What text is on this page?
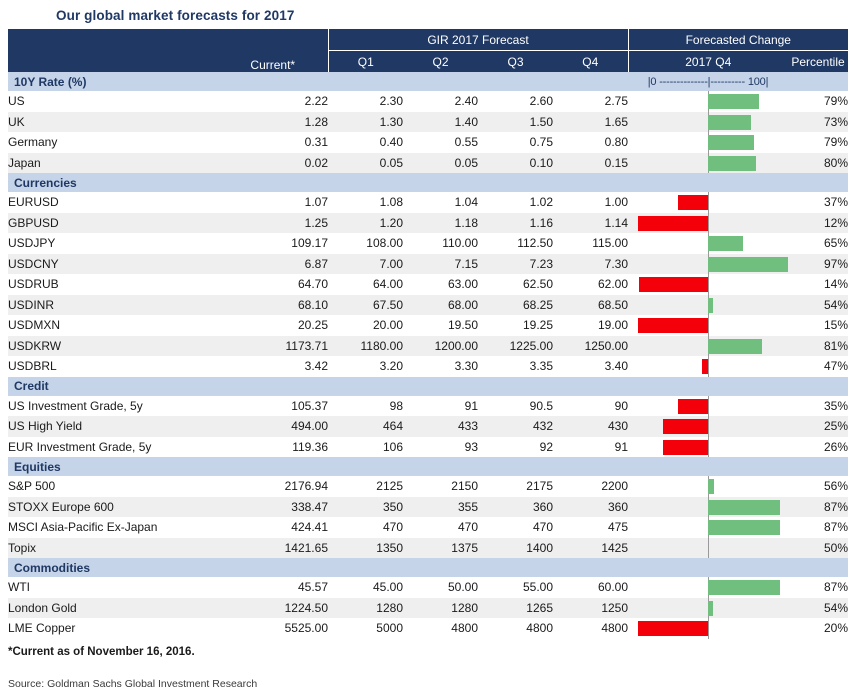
Our global market forecasts for 2017
	Current*	GIR 2017 Forecast				Forecasted Change	
		Q1	Q2	Q3	Q4	2017 Q4	Percentile
10Y Rate (%)						|0 --------------|---------- 100|	
US	2.22	2.30	2.40	2.60	2.75		79%
UK	1.28	1.30	1.40	1.50	1.65		73%
Germany	0.31	0.40	0.55	0.75	0.80		79%
Japan	0.02	0.05	0.05	0.10	0.15		80%
Currencies							
EURUSD	1.07	1.08	1.04	1.02	1.00		37%
GBPUSD	1.25	1.20	1.18	1.16	1.14		12%
USDJPY	109.17	108.00	110.00	112.50	115.00		65%
USDCNY	6.87	7.00	7.15	7.23	7.30		97%
USDRUB	64.70	64.00	63.00	62.50	62.00		14%
USDINR	68.10	67.50	68.00	68.25	68.50		54%
USDMXN	20.25	20.00	19.50	19.25	19.00		15%
USDKRW	1173.71	1180.00	1200.00	1225.00	1250.00		81%
USDBRL	3.42	3.20	3.30	3.35	3.40		47%
Credit							
US Investment Grade, 5y	105.37	98	91	90.5	90		35%
US High Yield	494.00	464	433	432	430		25%
EUR Investment Grade, 5y	119.36	106	93	92	91		26%
Equities							
S&P 500	2176.94	2125	2150	2175	2200		56%
STOXX Europe 600	338.47	350	355	360	360		87%
MSCI Asia-Pacific Ex-Japan	424.41	470	470	470	475		87%
Topix	1421.65	1350	1375	1400	1425		50%
Commodities							
WTI	45.57	45.00	50.00	55.00	60.00		87%
London Gold	1224.50	1280	1280	1265	1250		54%
LME Copper	5525.00	5000	4800	4800	4800		20%
*Current as of November 16, 2016.
Source: Goldman Sachs Global Investment Research
